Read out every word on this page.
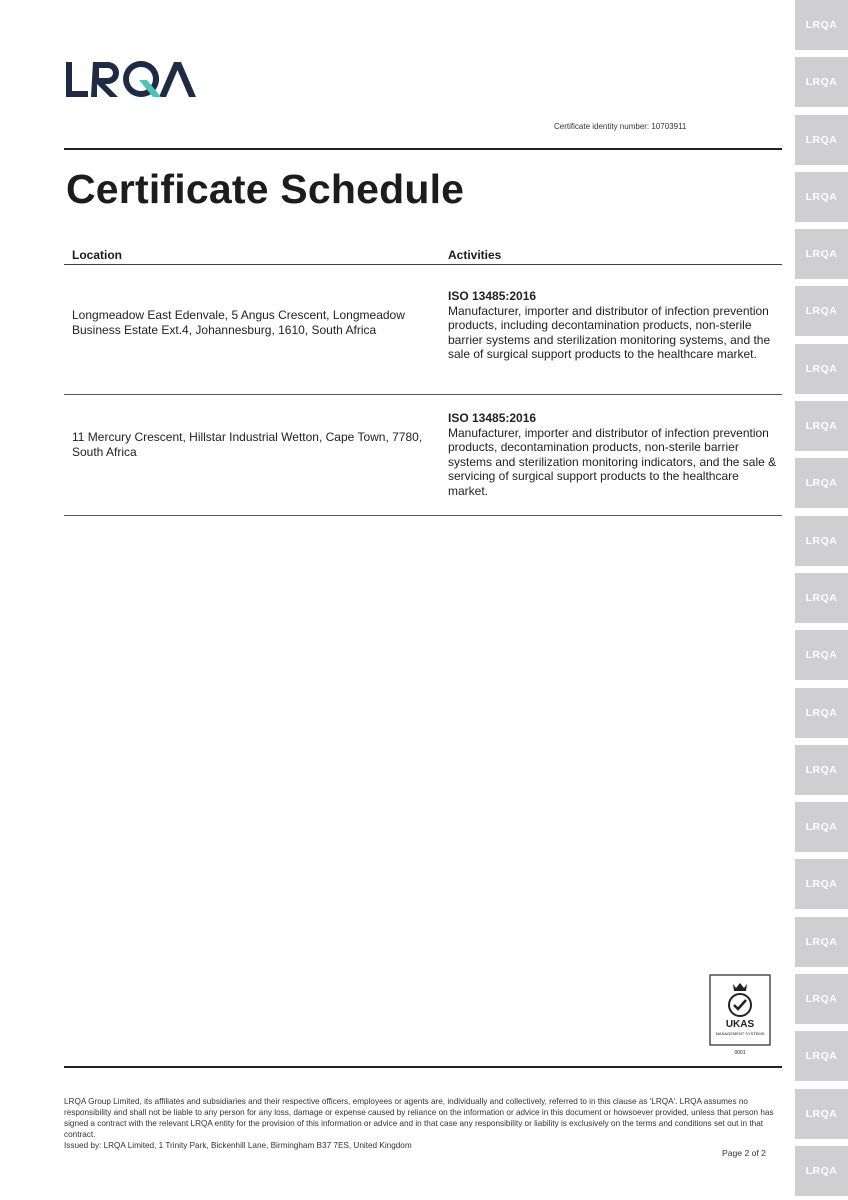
Certificate identity number: 10703911
Certificate Schedule
Location	Activities
Longmeadow East Edenvale, 5 Angus Crescent, Longmeadow Business Estate Ext.4, Johannesburg, 1610, South Africa
ISO 13485:2016
Manufacturer, importer and distributor of infection prevention products, including decontamination products, non-sterile barrier systems and sterilization monitoring systems, and the sale of surgical support products to the healthcare market.
11 Mercury Crescent, Hillstar Industrial Wetton, Cape Town, 7780, South Africa
ISO 13485:2016
Manufacturer, importer and distributor of infection prevention products, decontamination products, non-sterile barrier systems and sterilization monitoring indicators, and the sale & servicing of surgical support products to the healthcare market.
UKAS
MANAGEMENT SYSTEMS
0001

LRQA Group Limited, its affiliates and subsidiaries and their respective officers, employees or agents are, individually and collectively, referred to in this clause as 'LRQA'. LRQA assumes no responsibility and shall not be liable to any person for any loss, damage or expense caused by reliance on the information or advice in this document or howsoever provided, unless that person has signed a contract with the relevant LRQA entity for the provision of this information or advice and in that case any responsibility or liability is exclusively on the terms and conditions set out in that contract.
Issued by: LRQA Limited, 1 Trinity Park, Bickenhill Lane, Birmingham B37 7ES, United Kingdom

Page 2 of 2
LRQA
LRQA
LRQA
LRQA
LRQA
LRQA
LRQA
LRQA
LRQA
LRQA
LRQA
LRQA
LRQA
LRQA
LRQA
LRQA
LRQA
LRQA
LRQA
LRQA
LRQA
